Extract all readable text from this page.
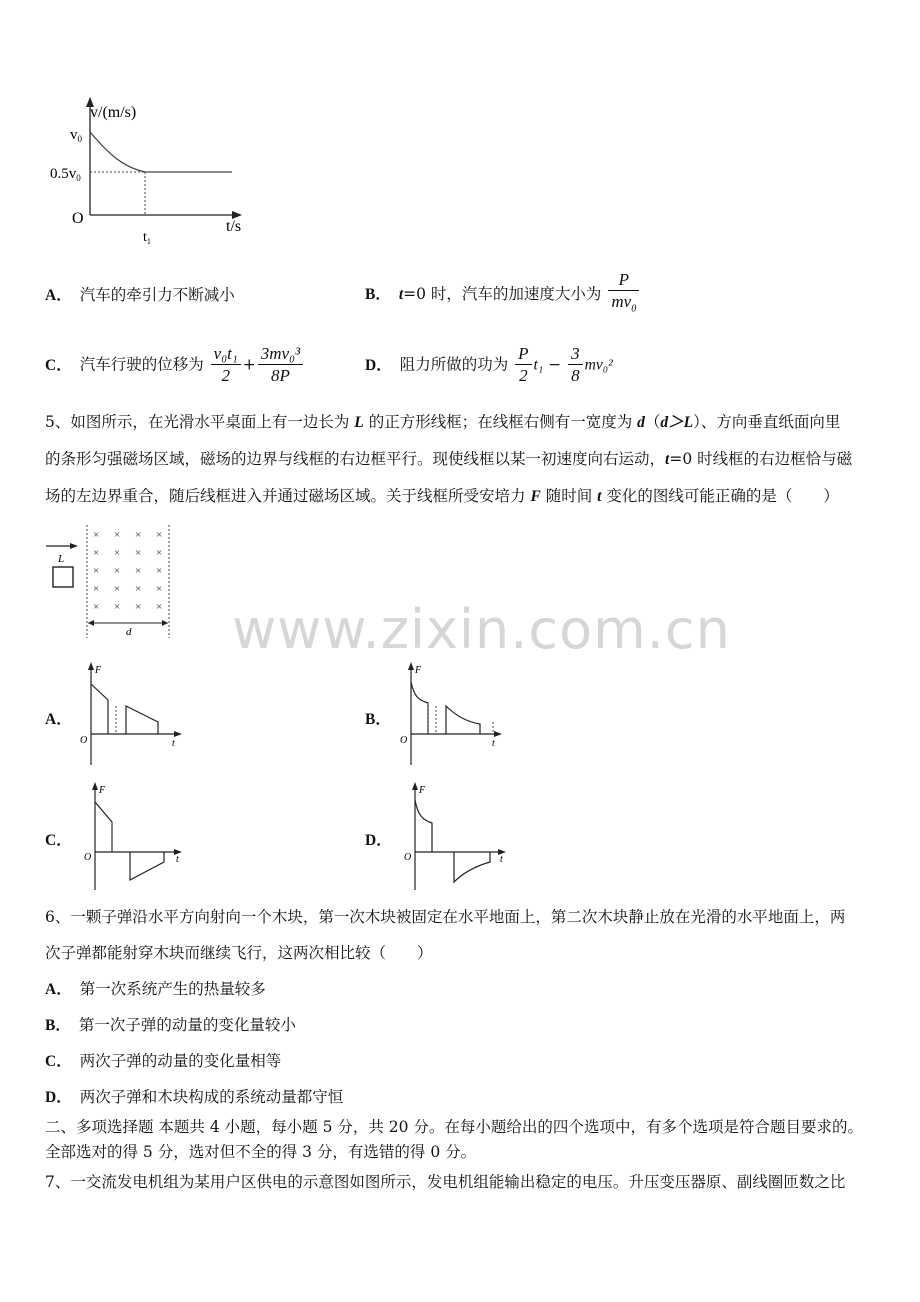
v/(m/s)
$v_0$
$0.5v_0$
O	t/s
$t_1$
A． 汽车的牵引力不断减小	B． t=0 时，汽车的加速度大小为 $\frac{P}{mv_0}$
C． 汽车行驶的位移为 $\frac{\text{v₀t₁}}{2} + \frac{\text{3mv₀³}}{8P}$	D． 阻力所做的功为 $\frac{P}{2} t_1 - \frac{3}{8} mv_0^2$
5、如图所示，在光滑水平桌面上有一边长为 L 的正方形线框；在线框右侧有一宽度为 d（d＞L）、方向垂直纸面向里
的条形匀强磁场区域，磁场的边界与线框的右边框平行。现使线框以某一初速度向右运动，t=0 时线框的右边框恰与磁
场的左边界重合，随后线框进入并通过磁场区域。关于线框所受安培力 F 随时间 t 变化的图线可能正确的是（　　）
L
× × × ×
× × × ×
× × × ×
× × × ×
× × × ×
d
A．	B．
C．	D．
F
O	t
F
O	t
F
O	t
F
O	t
www.zixin.com.cn
6、一颗子弹沿水平方向射向一个木块，第一次木块被固定在水平地面上，第二次木块静止放在光滑的水平地面上，两
次子弹都能射穿木块而继续飞行，这两次相比较（　　）
A． 第一次系统产生的热量较多
B． 第一次子弹的动量的变化量较小
C． 两次子弹的动量的变化量相等
D． 两次子弹和木块构成的系统动量都守恒
二、多项选择题 本题共 4 小题，每小题 5 分，共 20 分。在每小题给出的四个选项中，有多个选项是符合题目要求的。
全部选对的得 5 分，选对但不全的得 3 分，有选错的得 0 分。
7、一交流发电机组为某用户区供电的示意图如图所示，发电机组能输出稳定的电压。升压变压器原、副线圈匝数之比
